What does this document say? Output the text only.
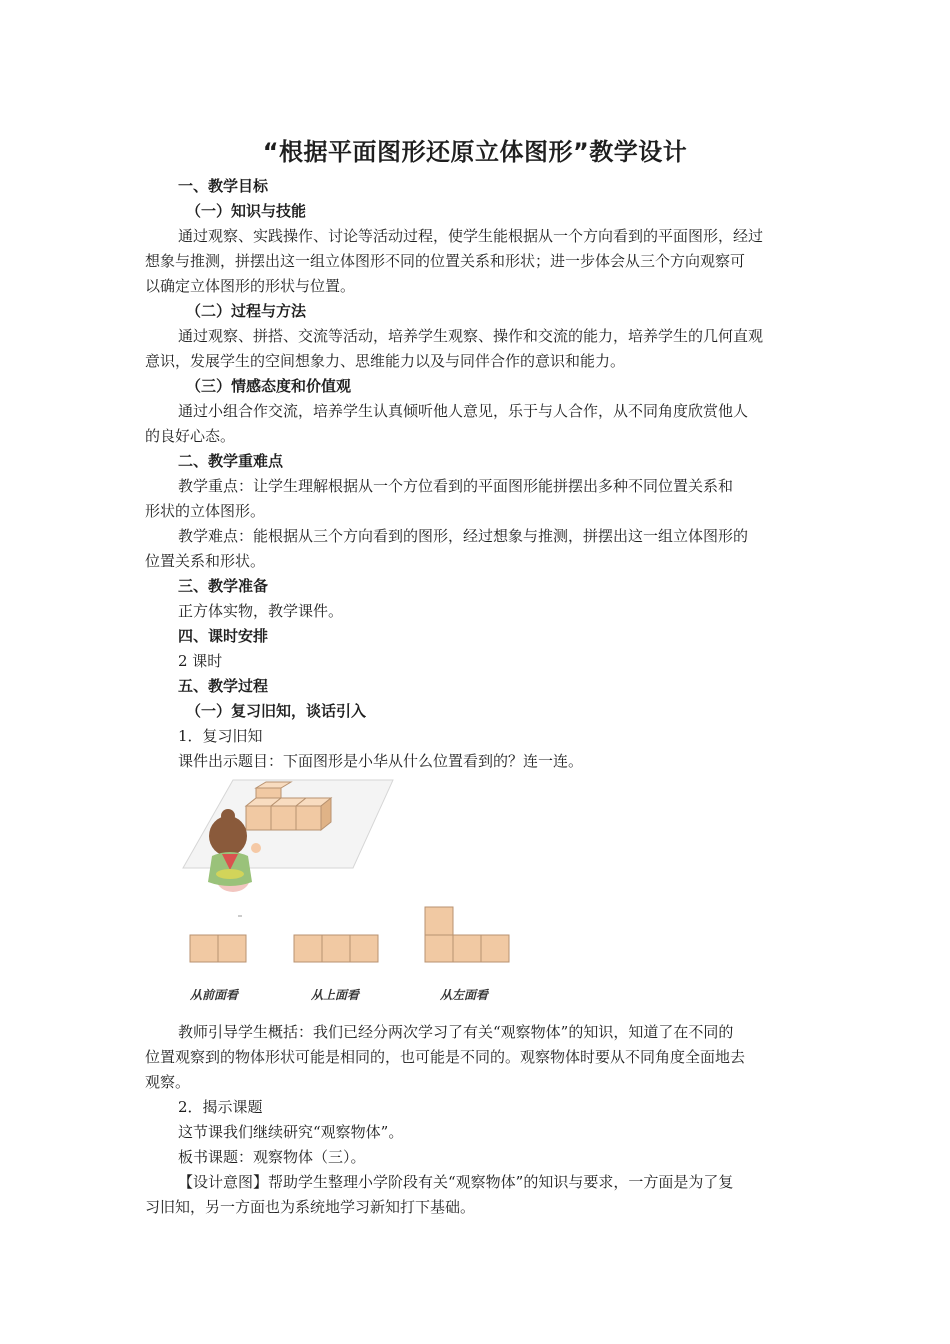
“根据平面图形还原立体图形”教学设计
一、教学目标
（一）知识与技能
通过观察、实践操作、讨论等活动过程，使学生能根据从一个方向看到的平面图形，经过
想象与推测，拼摆出这一组立体图形不同的位置关系和形状；进一步体会从三个方向观察可
以确定立体图形的形状与位置。
（二）过程与方法
通过观察、拼搭、交流等活动，培养学生观察、操作和交流的能力，培养学生的几何直观
意识，发展学生的空间想象力、思维能力以及与同伴合作的意识和能力。
（三）情感态度和价值观
通过小组合作交流，培养学生认真倾听他人意见，乐于与人合作，从不同角度欣赏他人
的良好心态。
二、教学重难点
教学重点：让学生理解根据从一个方位看到的平面图形能拼摆出多种不同位置关系和
形状的立体图形。
教学难点：能根据从三个方向看到的图形，经过想象与推测，拼摆出这一组立体图形的
位置关系和形状。
三、教学准备
正方体实物，教学课件。
四、课时安排
2 课时
五、教学过程
（一）复习旧知，谈话引入
1．复习旧知
课件出示题目：下面图形是小华从什么位置看到的？连一连。
从前面看	从上面看	从左面看
教师引导学生概括：我们已经分两次学习了有关“观察物体”的知识，知道了在不同的
位置观察到的物体形状可能是相同的，也可能是不同的。观察物体时要从不同角度全面地去
观察。
2．揭示课题
这节课我们继续研究“观察物体”。
板书课题：观察物体（三）。
【设计意图】帮助学生整理小学阶段有关“观察物体”的知识与要求，一方面是为了复
习旧知，另一方面也为系统地学习新知打下基础。
